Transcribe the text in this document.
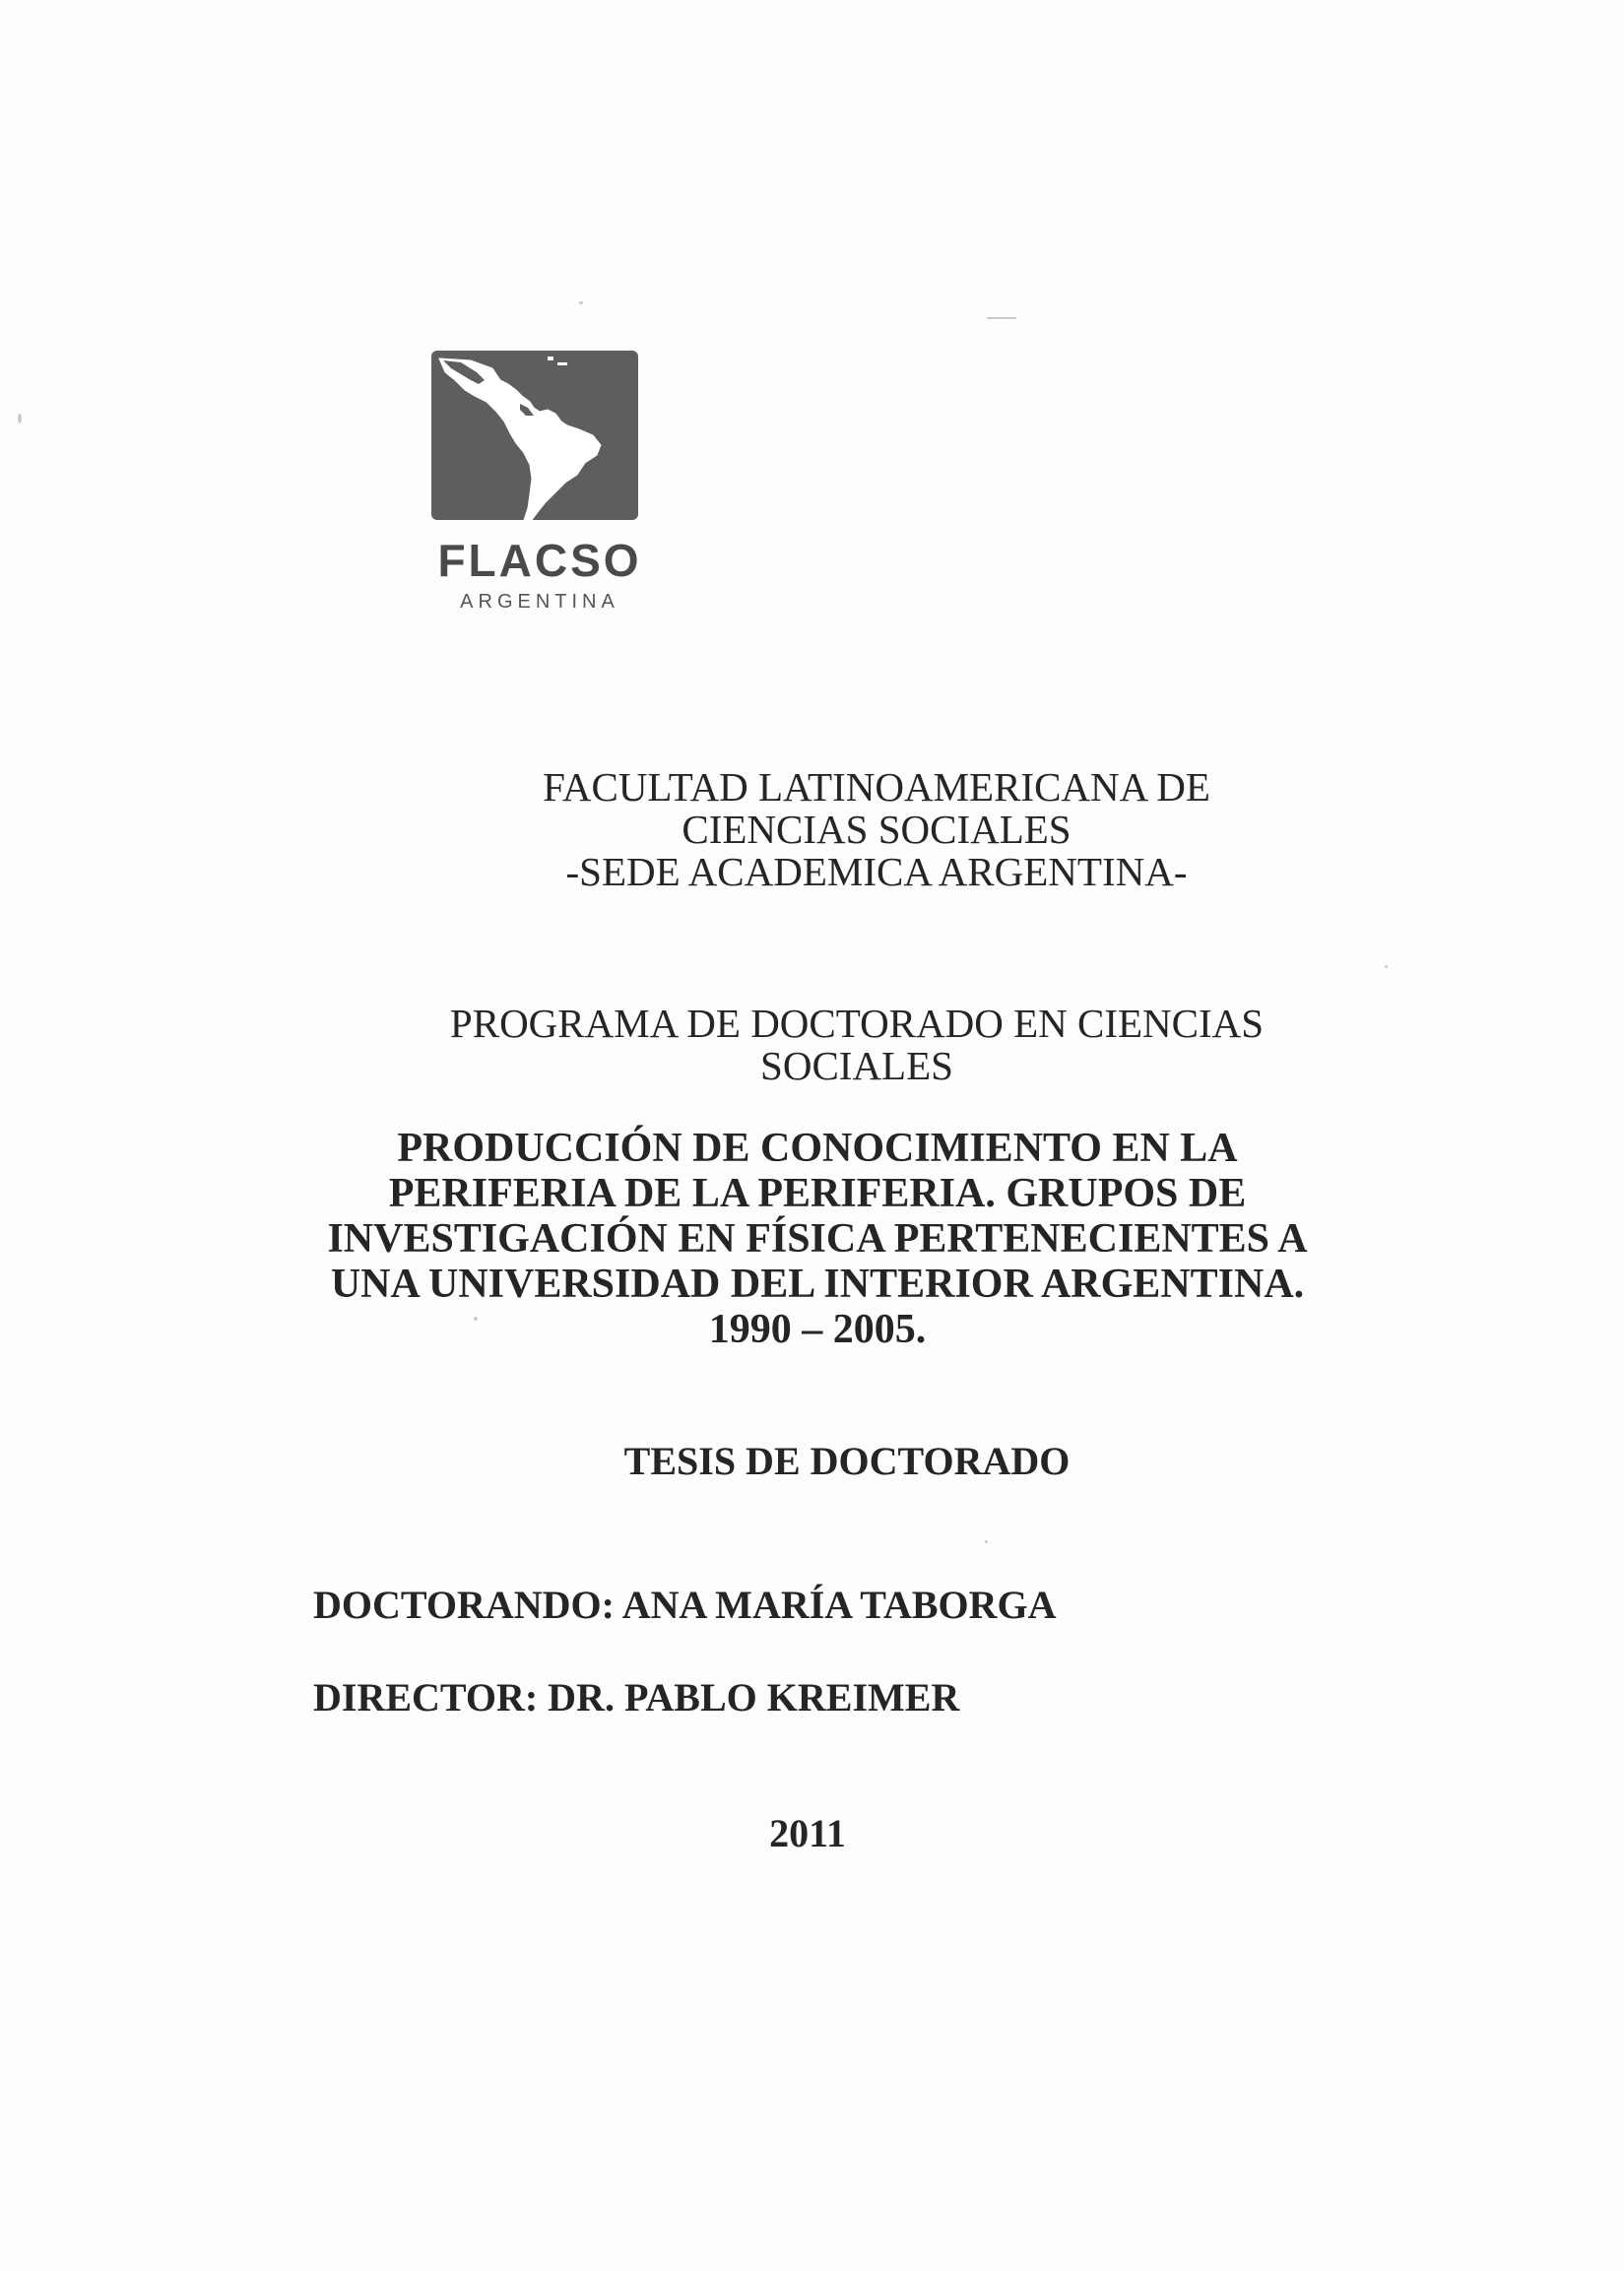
FLACSO
ARGENTINA
FACULTAD LATINOAMERICANA DE
CIENCIAS SOCIALES
-SEDE ACADEMICA ARGENTINA-
PROGRAMA DE DOCTORADO EN CIENCIAS
SOCIALES
PRODUCCIÓN DE CONOCIMIENTO EN LA
PERIFERIA DE LA PERIFERIA. GRUPOS DE
INVESTIGACIÓN EN FÍSICA PERTENECIENTES A
UNA UNIVERSIDAD DEL INTERIOR ARGENTINA.
1990 – 2005.
TESIS DE DOCTORADO
DOCTORANDO: ANA MARÍA TABORGA
DIRECTOR: DR. PABLO KREIMER
2011
